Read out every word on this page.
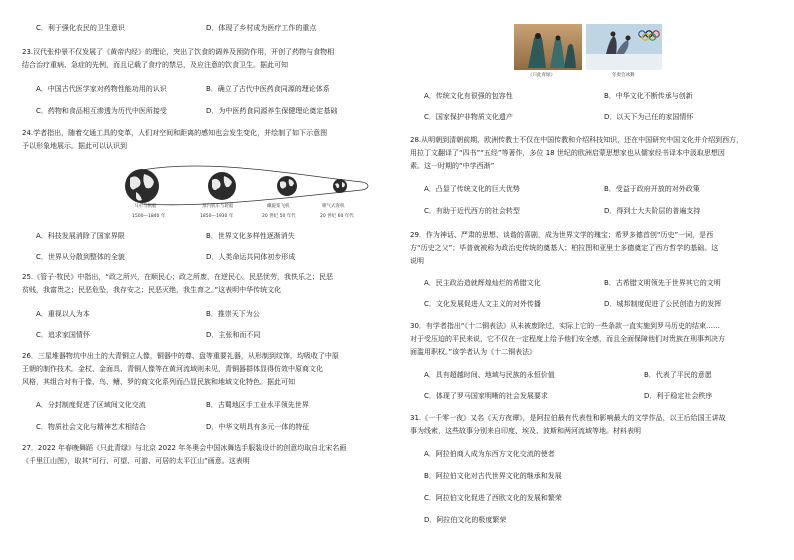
C．利于强化农民的卫生意识	D．体现了乡村成为医疗工作的重点
23.汉代张仲景不仅发展了《黄帝内经》的理论，突出了饮食的调养及预防作用，开创了药物与食物相
结合治疗重病、急症的先例，而且记载了食疗的禁忌，及应注意的饮食卫生。据此可知
A．中国古代医学家对药物性能功用的认识	B．确立了古代中医药食同源的理论体系
C．药物和食品相互渗透为历代中医所接受	D．为中医药食同源养生保健理论奠定基础
24.学者指出，随着交通工具的变革，人们对空间和距离的感知也会发生变化，并绘制了如下示意图
予以形象地展示。据此可以认识到
马车与帆船	蒸汽机车与轮船	螺旋桨飞机	喷气式客机
1500—1840 年	1850—1930 年	20 世纪 50 年代	20 世纪 60 年代
A．科技发展消除了国家界限	B．世界文化多样性逐渐消失
C．世界从分散到整体的全貌	D．人类命运共同体初步形成
25.《管子·牧民》中指出，“政之所兴，在顺民心；政之所废，在逆民心。民恶忧劳，我佚乐之；民恶
贫贱，我富贵之；民恶危坠，我存安之；民恶灭绝，我生育之。”这表明中华传统文化
A．重视以人为本	B．推崇天下为公
C．追求家国情怀	D．主张和而不同
26．三星堆器物坑中出土的大青铜立人像，铜器中的尊、盘等重要礼器，从形制到纹饰，均吸收了中原
王朝的制作技术。金杖、金面具、青铜人像等在黄河流域则未见，青铜器群体显得仿效中原商文化
风格，其组合对有于像、鸟、鳍、罗的商文化系列而凸显民族和地域文化特色。据此可知
A．分封制度促进了区域间文化交流	B．古蜀地区手工业水平领先世界
C．物质社会文化与精神艺术相结合	D．中华文明具有多元一体的特征
27．2022 年春晚舞蹈《只此青绿》与北京 2022 年冬奥会中国冰舞选手服装设计的创意均取自北宋名画
《千里江山图》，取其“可行、可望、可游、可居的太平江山”画意。这表明
《只此青绿》	冬奥会冰舞
A．传统文化有很强的包容性	B．中华文化不断传承与创新
C．国家保护非物质文化遗产	D．以天下为己任的家国情怀
28.从明朝到清朝前期，欧洲传教士不仅在中国传教和介绍科技知识，还在中国研究中国文化并介绍到西方，
用拉丁文翻译了“四书”“五经”等著作，多位 18 世纪的欧洲启蒙思想家也从儒家经书译本中汲取思想因
素。这一时期的“中学西渐”
A．凸显了传统文化的巨大优势	B．受益于政府开放的对外政策
C．有助于近代西方的社会转型	D．得到士大夫阶层的普遍支持
29．作为神话、严肃的思想、谈谐的喜剧，成为世界文学的瑰宝；希罗多德首创“历史”一词，是西
方“历史之父”；毕普就被称为政治史传统的奠基人；柏拉图和亚里士多德奠定了西方哲学的基础。这
说明
A．民主政治造就辉煌灿烂的希腊文化	B．古希腊文明领先于世界其它的文明
C．文化发展促进人文主义的对外传播	D．城邦制度促进了公民创造力的发挥
30．有学者指出“《十二铜表法》从未被废除过，实际上它的一些条款一直实施到罗马历史的结束……
对于受压迫的平民来说，它不仅在一定程度上给予他们安全感，而且全面保障他们对贵族在刑事判决方
面滥用职权。”该学者认为《十二铜表法》
A．具有超越时间、地域与民族的永恒价值	B．代表了平民的意愿
C．体现了罗马国家明晰的社会发展要求	D．利于稳定社会秩序
31.《一千零一夜》又名《天方夜谭》，是阿拉伯最有代表性和影响最大的文学作品，以王后给国王讲故
事为线索，这些故事分别来自印度、埃及、波斯和两河流域等地。材料表明
A．阿拉伯商人成为东西方文化交流的使者
B．阿拉伯文化对古代世界文化的继承和发展
C．阿拉伯文化促进了西欧文化的发展和繁荣
D．阿拉伯文化的极度繁荣
